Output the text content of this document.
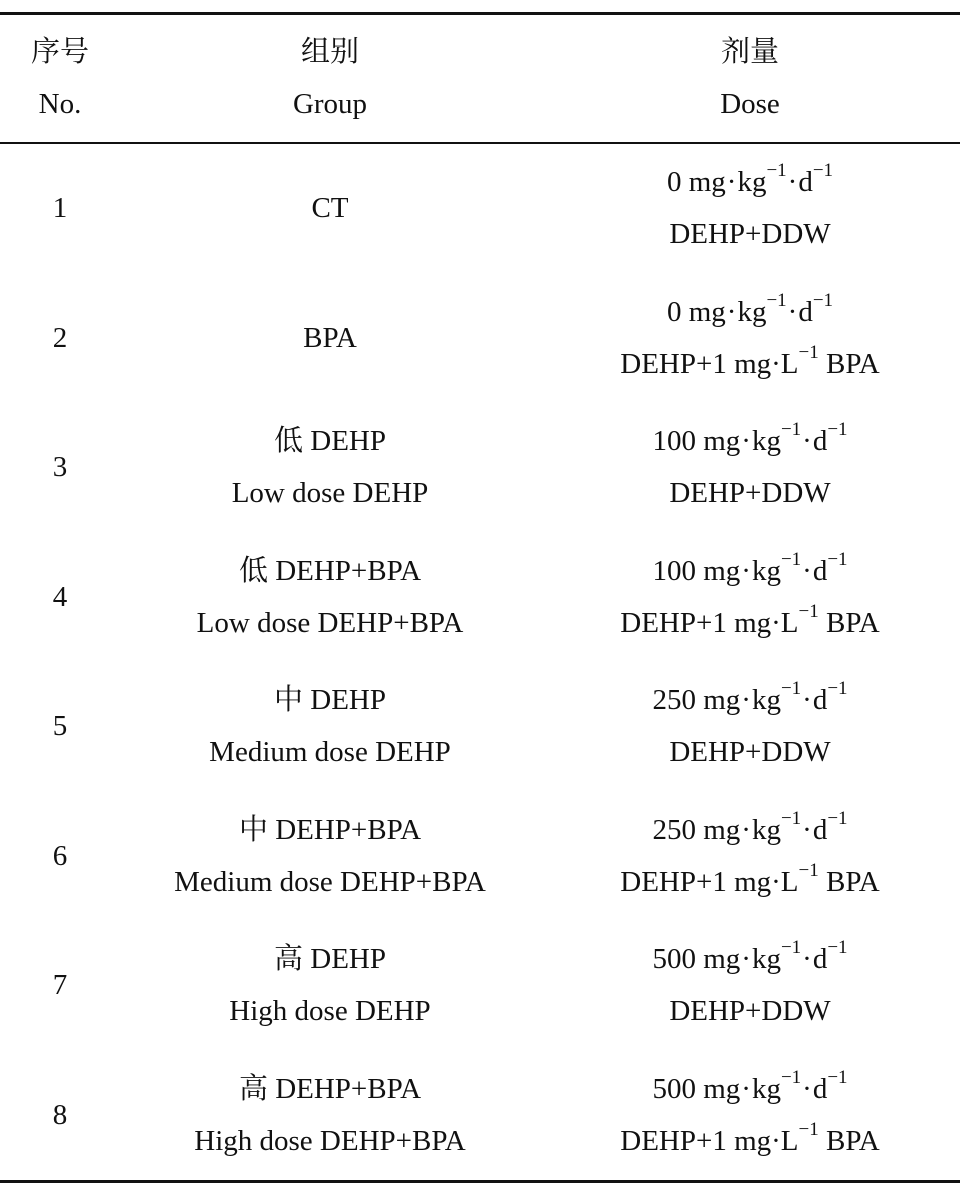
序号
No.
组别
Group
剂量
Dose
1	CT
0 $mg\cdot kg^{-1}\cdot d^{-1}$
DEHP+DDW
2	BPA
0 $mg\cdot kg^{-1}\cdot d^{-1}$
DEHP+1 $mg\cdot L^{-1}$ BPA
3
低 DEHP
Low dose DEHP
100 $mg\cdot kg^{-1}\cdot d^{-1}$
DEHP+DDW
4
低 DEHP+BPA
Low dose DEHP+BPA
100 $mg\cdot kg^{-1}\cdot d^{-1}$
DEHP+1 $mg\cdot L^{-1}$ BPA
5
中 DEHP
Medium dose DEHP
250 $mg\cdot kg^{-1}\cdot d^{-1}$
DEHP+DDW
6
中 DEHP+BPA
Medium dose DEHP+BPA
250 $mg\cdot kg^{-1}\cdot d^{-1}$
DEHP+1 $mg\cdot L^{-1}$ BPA
7
高 DEHP
High dose DEHP
500 $mg\cdot kg^{-1}\cdot d^{-1}$
DEHP+DDW
8
高 DEHP+BPA
High dose DEHP+BPA
500 $mg\cdot kg^{-1}\cdot d^{-1}$
DEHP+1 $mg\cdot L^{-1}$ BPA
